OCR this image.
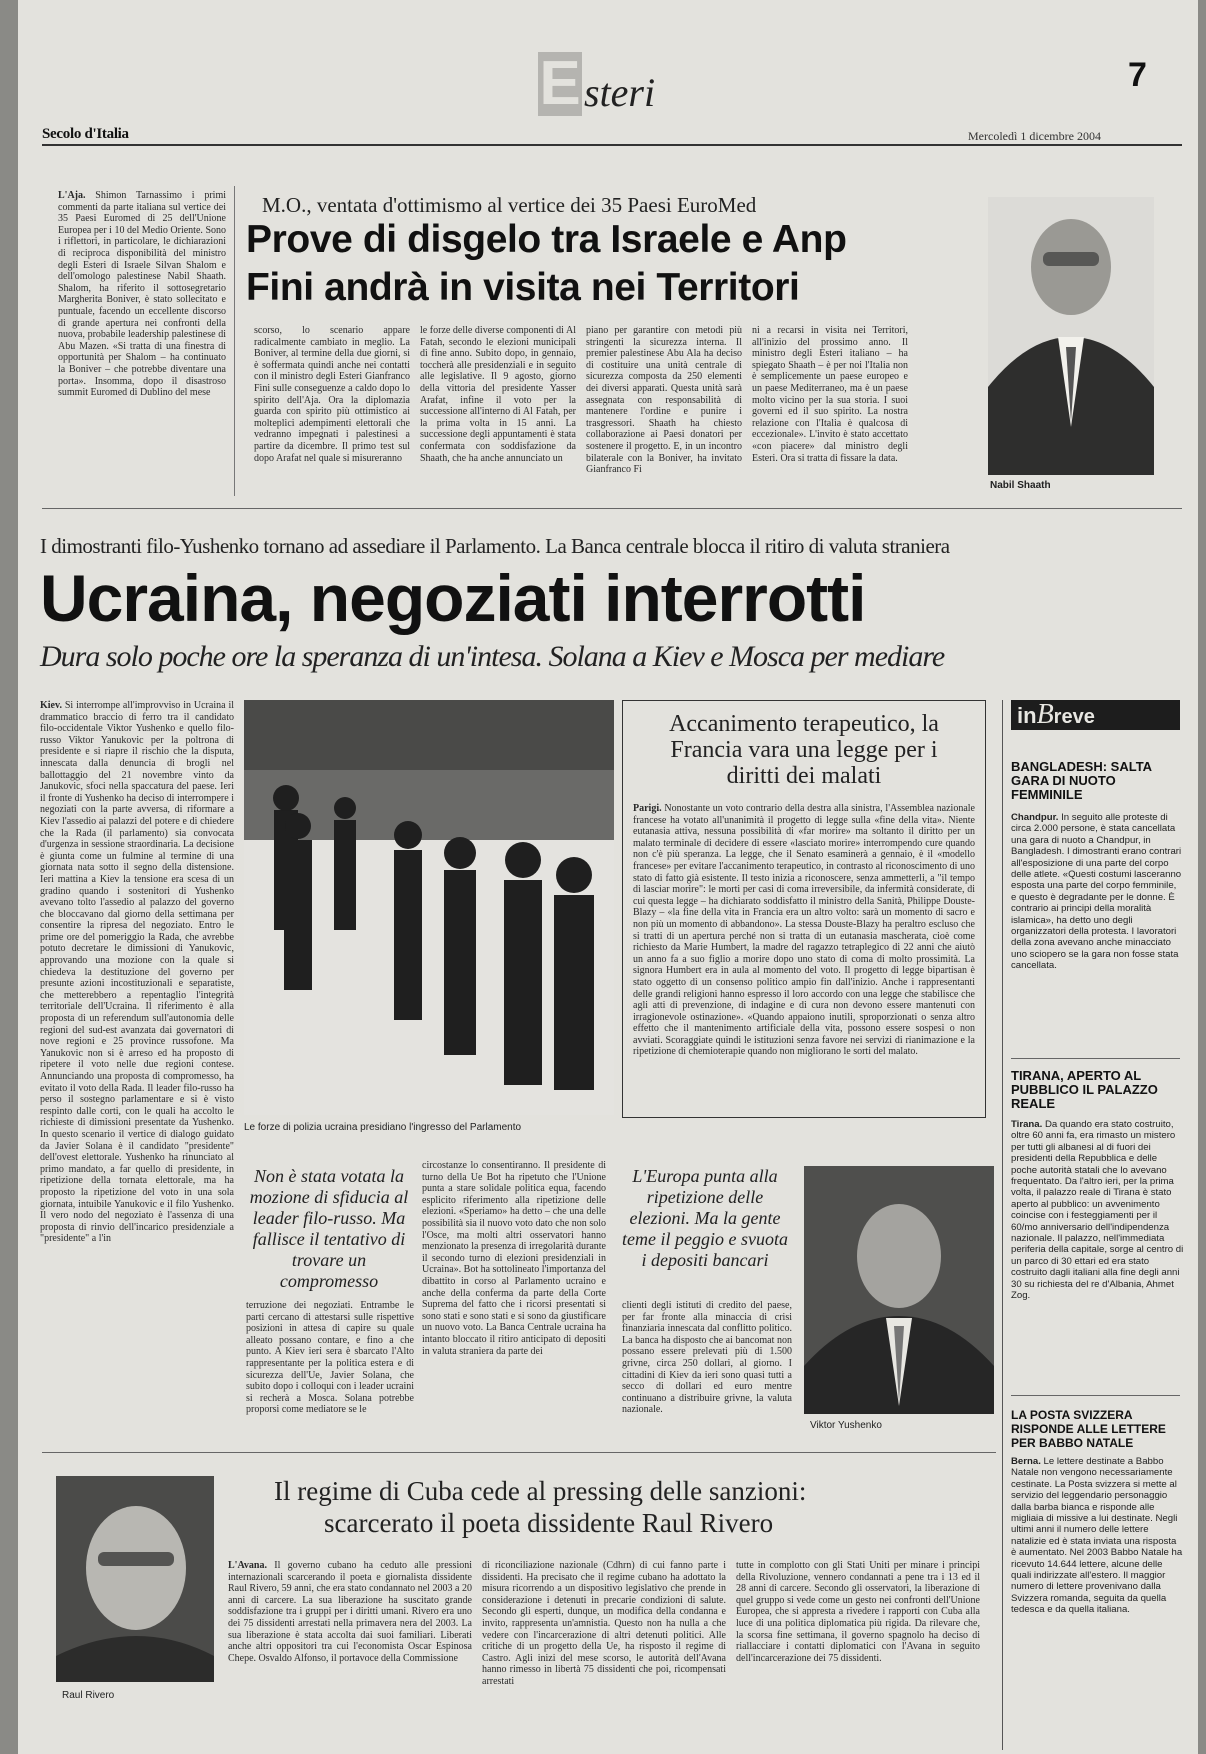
Esteri	7
Secolo d'Italia	Mercoledì 1 dicembre 2004
L'Aja. Shimon Tarnassimo i primi commenti da parte italiana sul vertice dei 35 Paesi Euromed di 25 dell'Unione Europea per i 10 del Medio Oriente. Sono i riflettori, in particolare, le dichiarazioni di reciproca disponibilità del ministro degli Esteri di Israele Silvan Shalom e dell'omologo palestinese Nabil Shaath. Shalom, ha riferito il sottosegretario Margherita Boniver, è stato sollecitato e puntuale, facendo un eccellente discorso di grande apertura nei confronti della nuova, probabile leadership palestinese di Abu Mazen. «Si tratta di una finestra di opportunità per Shalom – ha continuato la Boniver – che potrebbe diventare una porta». Insomma, dopo il disastroso summit Euromed di Dublino del mese
M.O., ventata d'ottimismo al vertice dei 35 Paesi EuroMed
Prove di disgelo tra Israele e Anp
Fini andrà in visita nei Territori
scorso, lo scenario appare radicalmente cambiato in meglio. La Boniver, al termine della due giorni, si è soffermata quindi anche nei contatti con il ministro degli Esteri Gianfranco Fini sulle conseguenze a caldo dopo lo spirito dell'Aja. Ora la diplomazia guarda con spirito più ottimistico ai molteplici adempimenti elettorali che vedranno impegnati i palestinesi a partire da dicembre. Il primo test sul dopo Arafat nel quale si misureranno
le forze delle diverse componenti di Al Fatah, secondo le elezioni municipali di fine anno. Subito dopo, in gennaio, toccherà alle presidenziali e in seguito alle legislative. Il 9 agosto, giorno della vittoria del presidente Yasser Arafat, infine il voto per la successione all'interno di Al Fatah, per la prima volta in 15 anni. La successione degli appuntamenti è stata confermata con soddisfazione da Shaath, che ha anche annunciato un
piano per garantire con metodi più stringenti la sicurezza interna. Il premier palestinese Abu Ala ha deciso di costituire una unità centrale di sicurezza composta da 250 elementi dei diversi apparati. Questa unità sarà assegnata con responsabilità di mantenere l'ordine e punire i trasgressori. Shaath ha chiesto collaborazione ai Paesi donatori per sostenere il progetto. E, in un incontro bilaterale con la Boniver, ha invitato Gianfranco Fi
ni a recarsi in visita nei Territori, all'inizio del prossimo anno. Il ministro degli Esteri italiano – ha spiegato Shaath – è per noi l'Italia non è semplicemente un paese europeo e un paese Mediterraneo, ma è un paese molto vicino per la sua storia. I suoi governi ed il suo spirito. La nostra relazione con l'Italia è qualcosa di eccezionale». L'invito è stato accettato «con piacere» dal ministro degli Esteri. Ora si tratta di fissare la data.
Nabil Shaath
I dimostranti filo-Yushenko tornano ad assediare il Parlamento. La Banca centrale blocca il ritiro di valuta straniera
Ucraina, negoziati interrotti
Dura solo poche ore la speranza di un'intesa. Solana a Kiev e Mosca per mediare
Kiev. Si interrompe all'improvviso in Ucraina il drammatico braccio di ferro tra il candidato filo-occidentale Viktor Yushenko e quello filo-russo Viktor Yanukovic per la poltrona di presidente e si riapre il rischio che la disputa, innescata dalla denuncia di brogli nel ballottaggio del 21 novembre vinto da Janukovic, sfoci nella spaccatura del paese. Ieri il fronte di Yushenko ha deciso di interrompere i negoziati con la parte avversa, di riformare a Kiev l'assedio ai palazzi del potere e di chiedere che la Rada (il parlamento) sia convocata d'urgenza in sessione straordinaria. La decisione è giunta come un fulmine al termine di una giornata nata sotto il segno della distensione. Ieri mattina a Kiev la tensione era scesa di un gradino quando i sostenitori di Yushenko avevano tolto l'assedio al palazzo del governo che bloccavano dal giorno della settimana per consentire la ripresa del negoziato. Entro le prime ore del pomeriggio la Rada, che avrebbe potuto decretare le dimissioni di Yanukovic, approvando una mozione con la quale si chiedeva la destituzione del governo per presunte azioni incostituzionali e separatiste, che metterebbero a repentaglio l'integrità territoriale dell'Ucraina. Il riferimento è alla proposta di un referendum sull'autonomia delle regioni del sud-est avanzata dai governatori di nove regioni e 25 province russofone. Ma Yanukovic non si è arreso ed ha proposto di ripetere il voto nelle due regioni contese. Annunciando una proposta di compromesso, ha evitato il voto della Rada. Il leader filo-russo ha perso il sostegno parlamentare e si è visto respinto dalle corti, con le quali ha accolto le richieste di dimissioni presentate da Yushenko. In questo scenario il vertice di dialogo guidato da Javier Solana è il candidato "presidente" dell'ovest elettorale. Yushenko ha rinunciato al primo mandato, a far quello di presidente, in ripetizione della tornata elettorale, ma ha proposto la ripetizione del voto in una sola giornata, intuibile Yanukovic e il filo Yushenko. Il vero nodo del negoziato è l'assenza di una proposta di rinvio dell'incarico presidenziale a "presidente" a l'in
Le forze di polizia ucraina presidiano l'ingresso del Parlamento
Non è stata votata la mozione di sfiducia al leader filo-russo. Ma fallisce il tentativo di trovare un compromesso
terruzione dei negoziati. Entrambe le parti cercano di attestarsi sulle rispettive posizioni in attesa di capire su quale alleato possano contare, e fino a che punto. A Kiev ieri sera è sbarcato l'Alto rappresentante per la politica estera e di sicurezza dell'Ue, Javier Solana, che subito dopo i colloqui con i leader ucraini si recherà a Mosca. Solana potrebbe proporsi come mediatore se le
circostanze lo consentiranno. Il presidente di turno della Ue Bot ha ripetuto che l'Unione punta a stare solidale politica equa, facendo esplicito riferimento alla ripetizione delle elezioni. «Speriamo» ha detto – che una delle possibilità sia il nuovo voto dato che non solo l'Osce, ma molti altri osservatori hanno menzionato la presenza di irregolarità durante il secondo turno di elezioni presidenziali in Ucraina». Bot ha sottolineato l'importanza del dibattito in corso al Parlamento ucraino e anche della conferma da parte della Corte Suprema del fatto che i ricorsi presentati si sono stati e sono stati e si sono da giustificare un nuovo voto. La Banca Centrale ucraina ha intanto bloccato il ritiro anticipato di depositi in valuta straniera da parte dei
Accanimento terapeutico, la Francia vara una legge per i diritti dei malati
Parigi. Nonostante un voto contrario della destra alla sinistra, l'Assemblea nazionale francese ha votato all'unanimità il progetto di legge sulla «fine della vita». Niente eutanasia attiva, nessuna possibilità di «far morire» ma soltanto il diritto per un malato terminale di decidere di essere «lasciato morire» interrompendo cure quando non c'è più speranza. La legge, che il Senato esaminerà a gennaio, è il «modello francese» per evitare l'accanimento terapeutico, in contrasto al riconoscimento di uno stato di fatto già esistente. Il testo inizia a riconoscere, senza ammetterli, a "il tempo di lasciar morire": le morti per casi di coma irreversibile, da infermità considerate, di cui questa legge – ha dichiarato soddisfatto il ministro della Sanità, Philippe Douste-Blazy – «la fine della vita in Francia era un altro volto: sarà un momento di sacro e non più un momento di abbandono». La stessa Douste-Blazy ha peraltro escluso che si tratti di un apertura perché non si tratta di un eutanasia mascherata, cioè come richiesto da Marie Humbert, la madre del ragazzo tetraplegico di 22 anni che aiutò un anno fa a suo figlio a morire dopo uno stato di coma di molto prossimità. La signora Humbert era in aula al momento del voto. Il progetto di legge bipartisan è stato oggetto di un consenso politico ampio fin dall'inizio. Anche i rappresentanti delle grandi religioni hanno espresso il loro accordo con una legge che stabilisce che agli atti di prevenzione, di indagine e di cura non devono essere mantenuti con irragionevole ostinazione». «Quando appaiono inutili, sproporzionati o senza altro effetto che il mantenimento artificiale della vita, possono essere sospesi o non avviati. Scoraggiate quindi le istituzioni senza favore nei servizi di rianimazione e la ripetizione di chemioterapie quando non migliorano le sorti del malato.
L'Europa punta alla ripetizione delle elezioni. Ma la gente teme il peggio e svuota i depositi bancari
clienti degli istituti di credito del paese, per far fronte alla minaccia di crisi finanziaria innescata dal conflitto politico. La banca ha disposto che ai bancomat non possano essere prelevati più di 1.500 grivne, circa 250 dollari, al giorno. I cittadini di Kiev da ieri sono quasi tutti a secco di dollari ed euro mentre continuano a distribuire grivne, la valuta nazionale.
Viktor Yushenko
inBreve
BANGLADESH: SALTA GARA DI NUOTO FEMMINILE
Chandpur. In seguito alle proteste di circa 2.000 persone, è stata cancellata una gara di nuoto a Chandpur, in Bangladesh. I dimostranti erano contrari all'esposizione di una parte del corpo delle atlete. «Questi costumi lasceranno esposta una parte del corpo femminile, e questo è degradante per le donne. È contrario ai principi della moralità islamica», ha detto uno degli organizzatori della protesta. I lavoratori della zona avevano anche minacciato uno sciopero se la gara non fosse stata cancellata.
TIRANA, APERTO AL PUBBLICO IL PALAZZO REALE
Tirana. Da quando era stato costruito, oltre 60 anni fa, era rimasto un mistero per tutti gli albanesi al di fuori dei presidenti della Repubblica e delle poche autorità statali che lo avevano frequentato. Da l'altro ieri, per la prima volta, il palazzo reale di Tirana è stato aperto al pubblico: un avvenimento coincise con i festeggiamenti per il 60/mo anniversario dell'indipendenza nazionale. Il palazzo, nell'immediata periferia della capitale, sorge al centro di un parco di 30 ettari ed era stato costruito dagli italiani alla fine degli anni 30 su richiesta del re d'Albania, Ahmet Zog.
LA POSTA SVIZZERA RISPONDE ALLE LETTERE PER BABBO NATALE
Berna. Le lettere destinate a Babbo Natale non vengono necessariamente cestinate. La Posta svizzera si mette al servizio del leggendario personaggio dalla barba bianca e risponde alle migliaia di missive a lui destinate. Negli ultimi anni il numero delle lettere natalizie ed è stata inviata una risposta è aumentato. Nel 2003 Babbo Natale ha ricevuto 14.644 lettere, alcune delle quali indirizzate all'estero. Il maggior numero di lettere provenivano dalla Svizzera romanda, seguita da quella tedesca e da quella italiana.
Raul Rivero
Il regime di Cuba cede al pressing delle sanzioni:
scarcerato il poeta dissidente Raul Rivero
L'Avana. Il governo cubano ha ceduto alle pressioni internazionali scarcerando il poeta e giornalista dissidente Raul Rivero, 59 anni, che era stato condannato nel 2003 a 20 anni di carcere. La sua liberazione ha suscitato grande soddisfazione tra i gruppi per i diritti umani. Rivero era uno dei 75 dissidenti arrestati nella primavera nera del 2003. La sua liberazione è stata accolta dai suoi familiari. Liberati anche altri oppositori tra cui l'economista Oscar Espinosa Chepe. Osvaldo Alfonso, il portavoce della Commissione
di riconciliazione nazionale (Cdhrn) di cui fanno parte i dissidenti. Ha precisato che il regime cubano ha adottato la misura ricorrendo a un dispositivo legislativo che prende in considerazione i detenuti in precarie condizioni di salute. Secondo gli esperti, dunque, un modifica della condanna e invito, rappresenta un'amnistia. Questo non ha nulla a che vedere con l'incarcerazione di altri detenuti politici. Alle critiche di un progetto della Ue, ha risposto il regime di Castro. Agli inizi del mese scorso, le autorità dell'Avana hanno rimesso in libertà 75 dissidenti che poi, ricompensati arrestati
tutte in complotto con gli Stati Uniti per minare i principi della Rivoluzione, vennero condannati a pene tra i 13 ed il 28 anni di carcere. Secondo gli osservatori, la liberazione di quel gruppo si vede come un gesto nei confronti dell'Unione Europea, che si appresta a rivedere i rapporti con Cuba alla luce di una politica diplomatica più rigida. Da rilevare che, la scorsa fine settimana, il governo spagnolo ha deciso di riallacciare i contatti diplomatici con l'Avana in seguito dell'incarcerazione dei 75 dissidenti.
